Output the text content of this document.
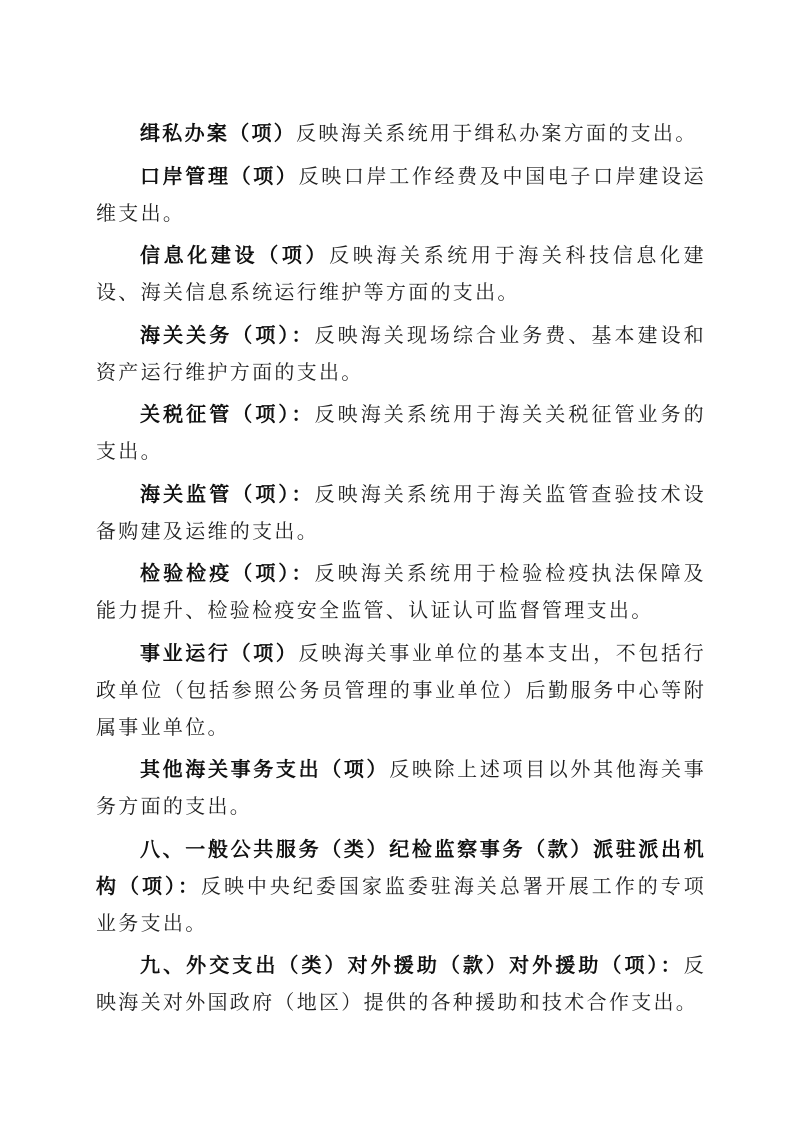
缉私办案（项）反映海关系统用于缉私办案方面的支出。

口岸管理（项）反映口岸工作经费及中国电子口岸建设运维支出。

信息化建设（项）反映海关系统用于海关科技信息化建设、海关信息系统运行维护等方面的支出。

海关关务（项）：反映海关现场综合业务费、基本建设和资产运行维护方面的支出。

关税征管（项）：反映海关系统用于海关关税征管业务的支出。

海关监管（项）：反映海关系统用于海关监管查验技术设备购建及运维的支出。

检验检疫（项）：反映海关系统用于检验检疫执法保障及能力提升、检验检疫安全监管、认证认可监督管理支出。

事业运行（项）反映海关事业单位的基本支出，不包括行政单位（包括参照公务员管理的事业单位）后勤服务中心等附属事业单位。

其他海关事务支出（项）反映除上述项目以外其他海关事务方面的支出。

八、一般公共服务（类）纪检监察事务（款）派驻派出机构（项）：反映中央纪委国家监委驻海关总署开展工作的专项业务支出。

九、外交支出（类）对外援助（款）对外援助（项）：反映海关对外国政府（地区）提供的各种援助和技术合作支出。
